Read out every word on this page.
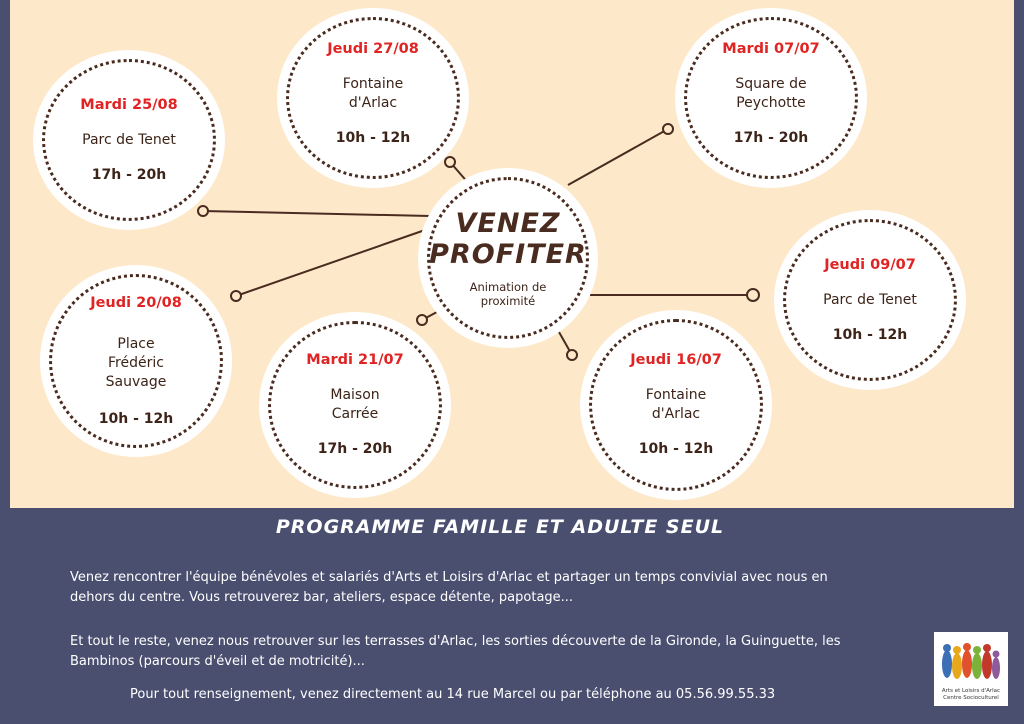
Mardi 25/08
Parc de Tenet
17h - 20h
Jeudi 27/08
Fontaine
d'Arlac
10h - 12h
Mardi 07/07
Square de
Peychotte
17h - 20h
Jeudi 09/07
Parc de Tenet
10h - 12h
Jeudi 20/08
Place
Frédéric
Sauvage
10h - 12h
Mardi 21/07
Maison
Carrée
17h - 20h
Jeudi 16/07
Fontaine
d'Arlac
10h - 12h
VENEZ
PROFITER
Animation de
proximité
PROGRAMME FAMILLE ET ADULTE SEUL
Venez rencontrer l'équipe bénévoles et salariés d'Arts et Loisirs d'Arlac et partager un temps convivial avec nous en
dehors du centre. Vous retrouverez bar, ateliers, espace détente, papotage...
Et tout le reste, venez nous retrouver sur les terrasses d'Arlac, les sorties découverte de la Gironde, la Guinguette, les
Bambinos (parcours d'éveil et de motricité)...
Pour tout renseignement, venez directement au 14 rue Marcel ou par téléphone au 05.56.99.55.33	Arts et Loisirs d'Arlac
Centre Socioculturel
